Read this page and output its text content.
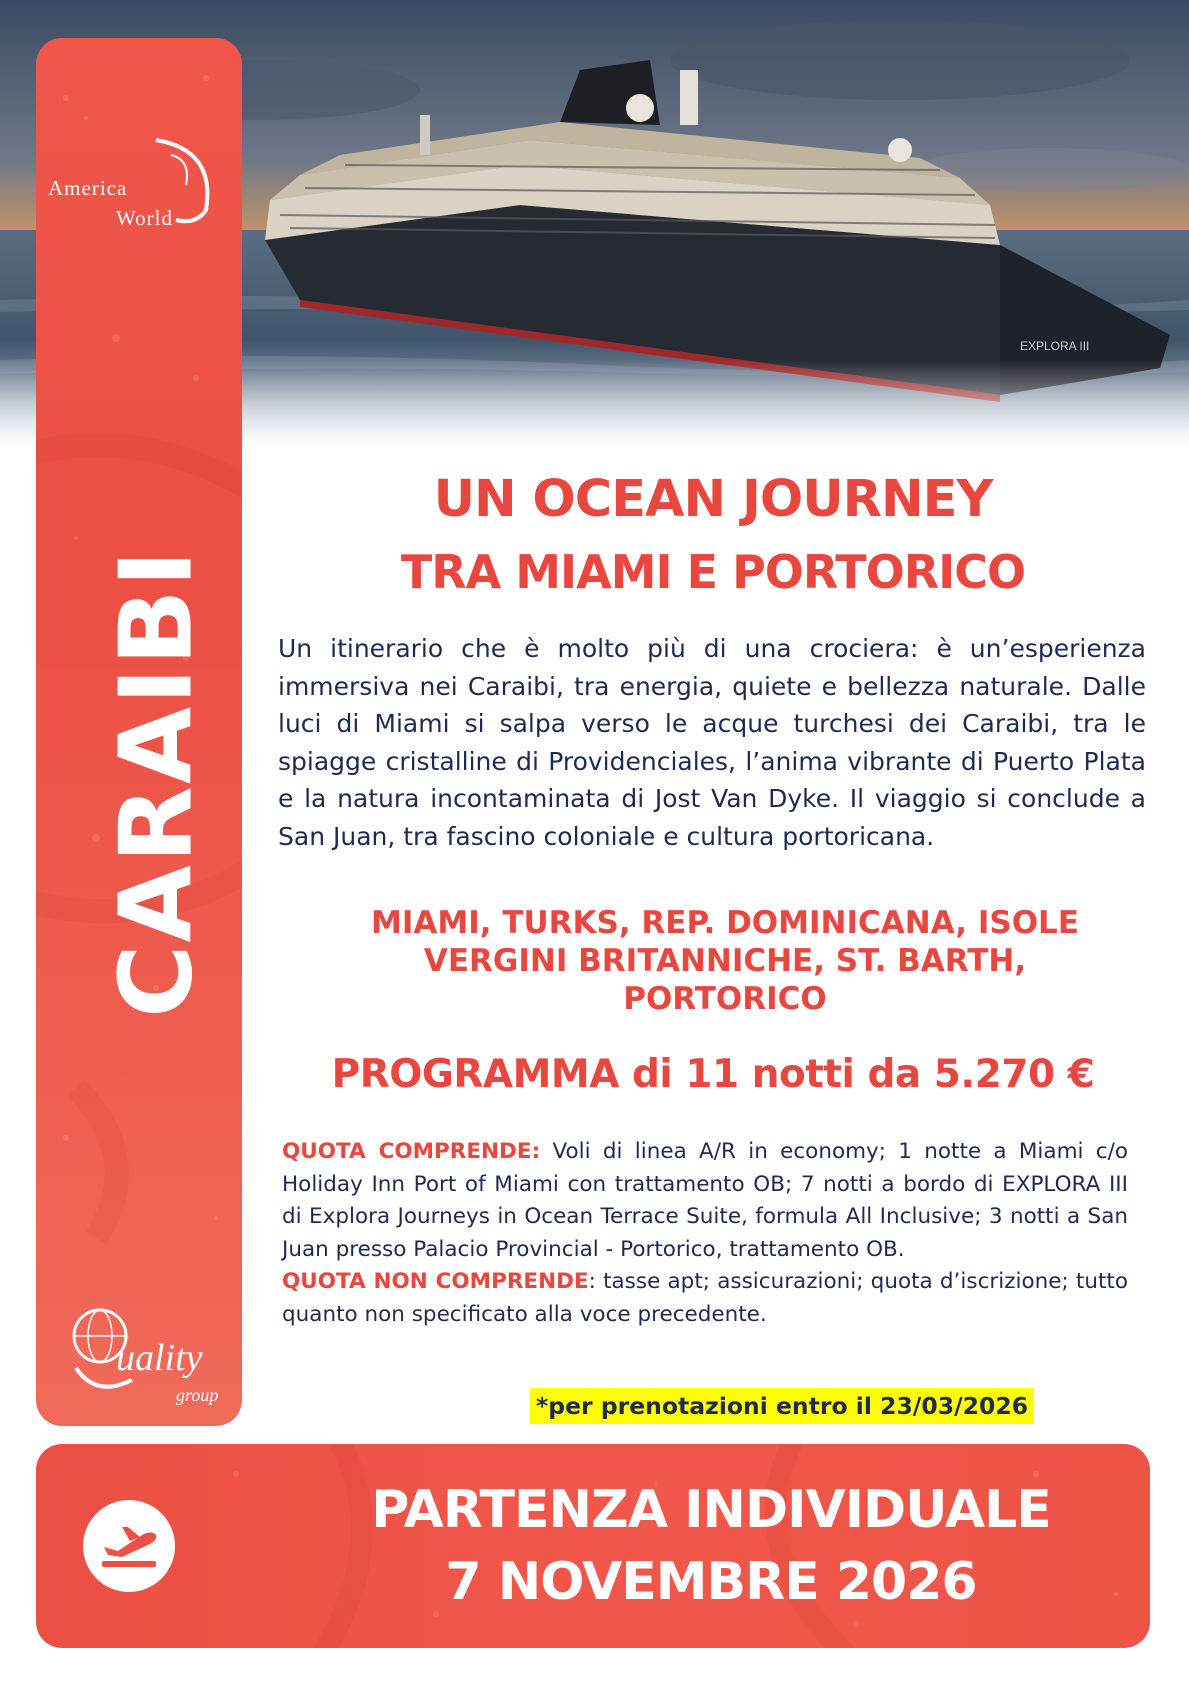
America
World
CARAIBI
uality
group
UN OCEAN JOURNEY
TRA MIAMI E PORTORICO
Un itinerario che è molto più di una crociera: è un’esperienza immersiva nei Caraibi, tra energia, quiete e bellezza naturale. Dalle luci di Miami si salpa verso le acque turchesi dei Caraibi, tra le spiagge cristalline di Providenciales, l’anima vibrante di Puerto Plata e la natura incontaminata di Jost Van Dyke. Il viaggio si conclude a San Juan, tra fascino coloniale e cultura portoricana.
MIAMI, TURKS, REP. DOMINICANA, ISOLE
VERGINI BRITANNICHE, ST. BARTH,
PORTORICO
PROGRAMMA di 11 notti da 5.270 €

QUOTA COMPRENDE: Voli di linea A/R in economy; 1 notte a Miami c/o Holiday Inn Port of Miami con trattamento OB; 7 notti a bordo di EXPLORA III di Explora Journeys in Ocean Terrace Suite, formula All Inclusive; 3 notti a San Juan presso Palacio Provincial - Portorico, trattamento OB.

QUOTA NON COMPRENDE: tasse apt; assicurazioni; quota d’iscrizione; tutto quanto non specificato alla voce precedente.

*per prenotazioni entro il 23/03/2026
PARTENZA INDIVIDUALE
7 NOVEMBRE 2026
